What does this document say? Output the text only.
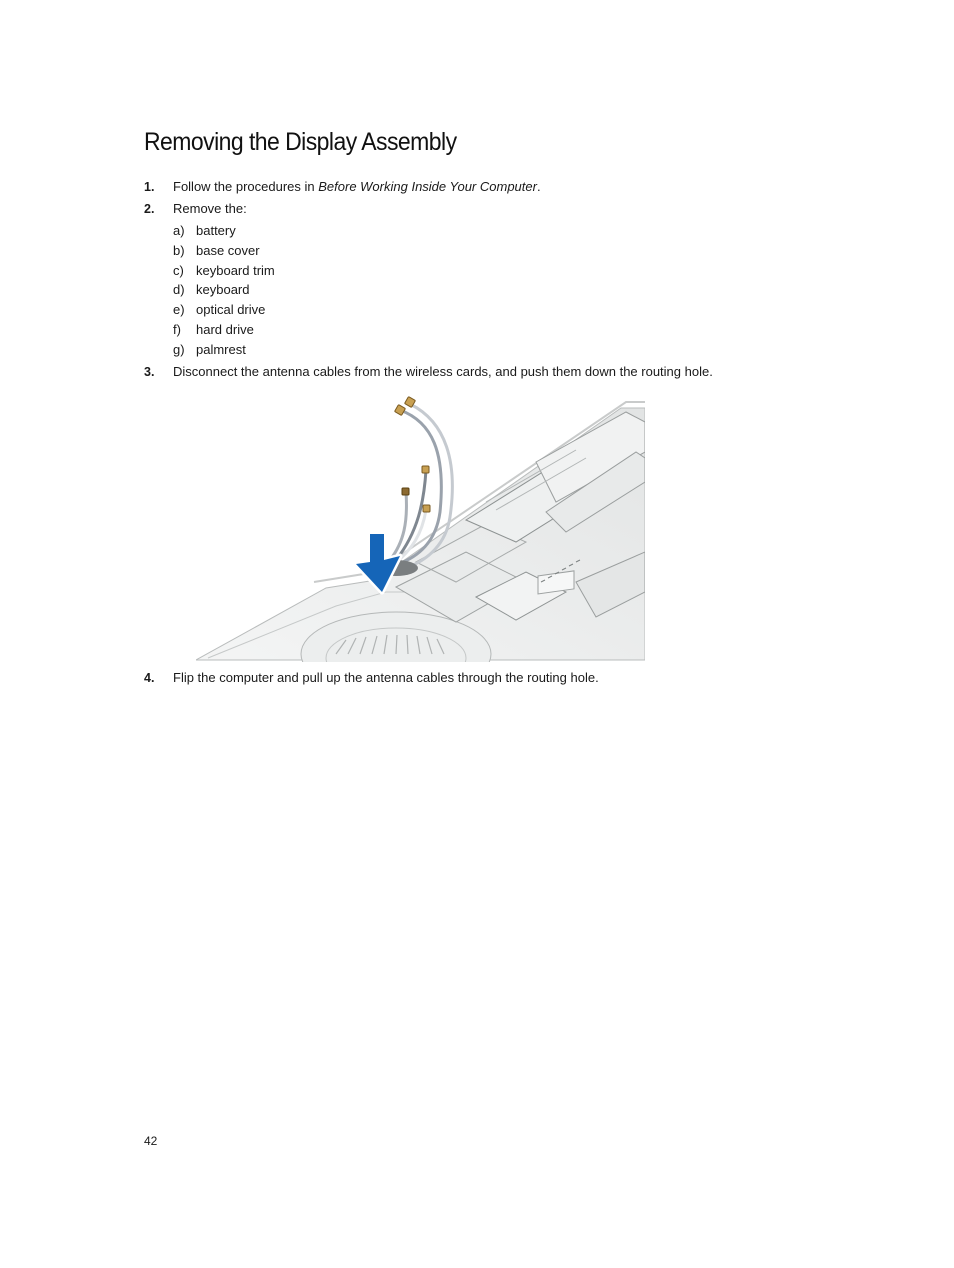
Removing the Display Assembly
1. Follow the procedures in Before Working Inside Your Computer.
2. Remove the:
a) battery
b) base cover
c) keyboard trim
d) keyboard
e) optical drive
f) hard drive
g) palmrest
3. Disconnect the antenna cables from the wireless cards, and push them down the routing hole.
4. Flip the computer and pull up the antenna cables through the routing hole.
42
